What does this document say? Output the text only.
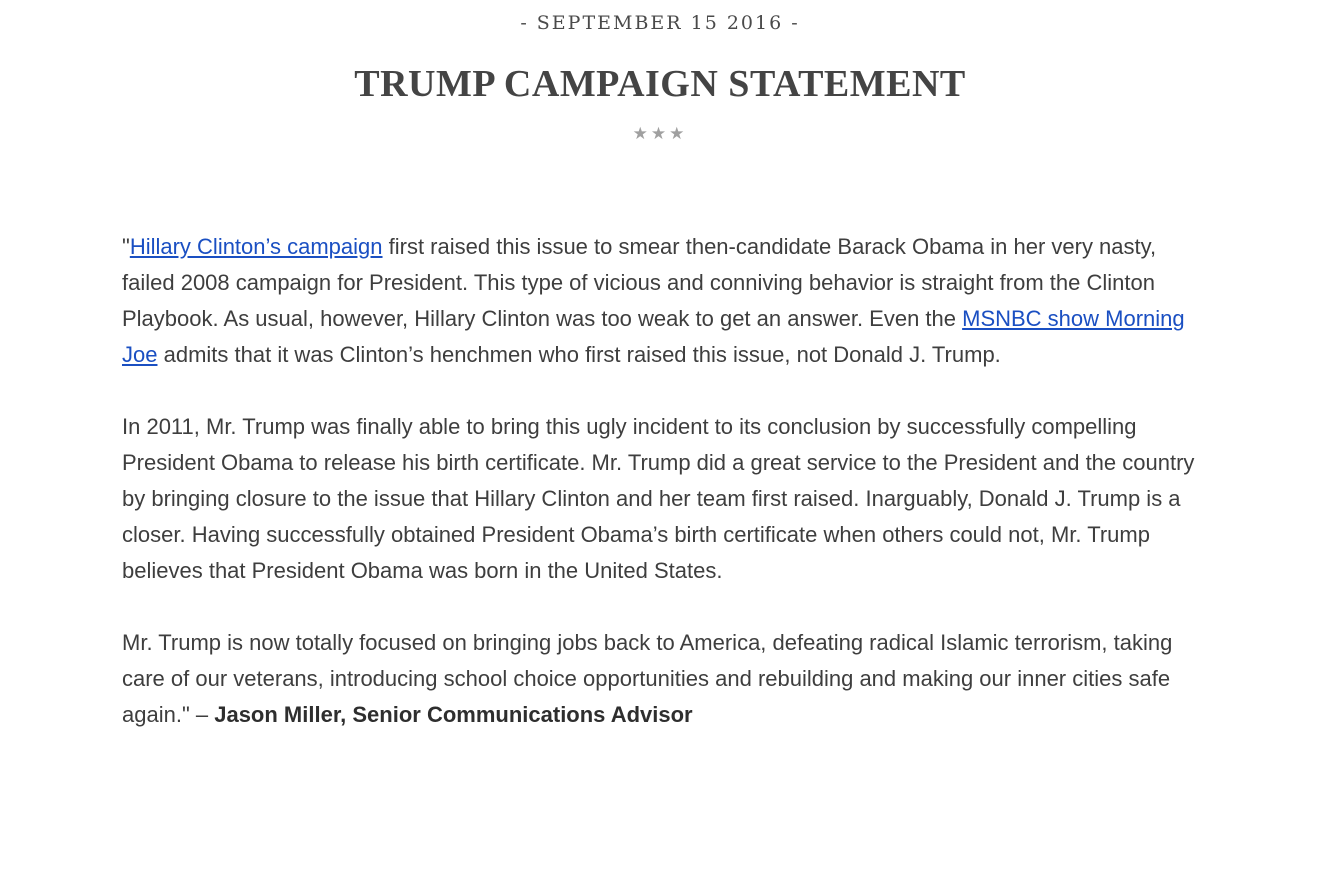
- SEPTEMBER 15 2016 -
TRUMP CAMPAIGN STATEMENT
★★★

"Hillary Clinton’s campaign first raised this issue to smear then-candidate Barack Obama in her very nasty, failed 2008 campaign for President. This type of vicious and conniving behavior is straight from the Clinton Playbook. As usual, however, Hillary Clinton was too weak to get an answer. Even the MSNBC show Morning Joe admits that it was Clinton’s henchmen who first raised this issue, not Donald J. Trump.

In 2011, Mr. Trump was finally able to bring this ugly incident to its conclusion by successfully compelling President Obama to release his birth certificate. Mr. Trump did a great service to the President and the country by bringing closure to the issue that Hillary Clinton and her team first raised. Inarguably, Donald J. Trump is a closer. Having successfully obtained President Obama’s birth certificate when others could not, Mr. Trump believes that President Obama was born in the United States.

Mr. Trump is now totally focused on bringing jobs back to America, defeating radical Islamic terrorism, taking care of our veterans, introducing school choice opportunities and rebuilding and making our inner cities safe again." – Jason Miller, Senior Communications Advisor
